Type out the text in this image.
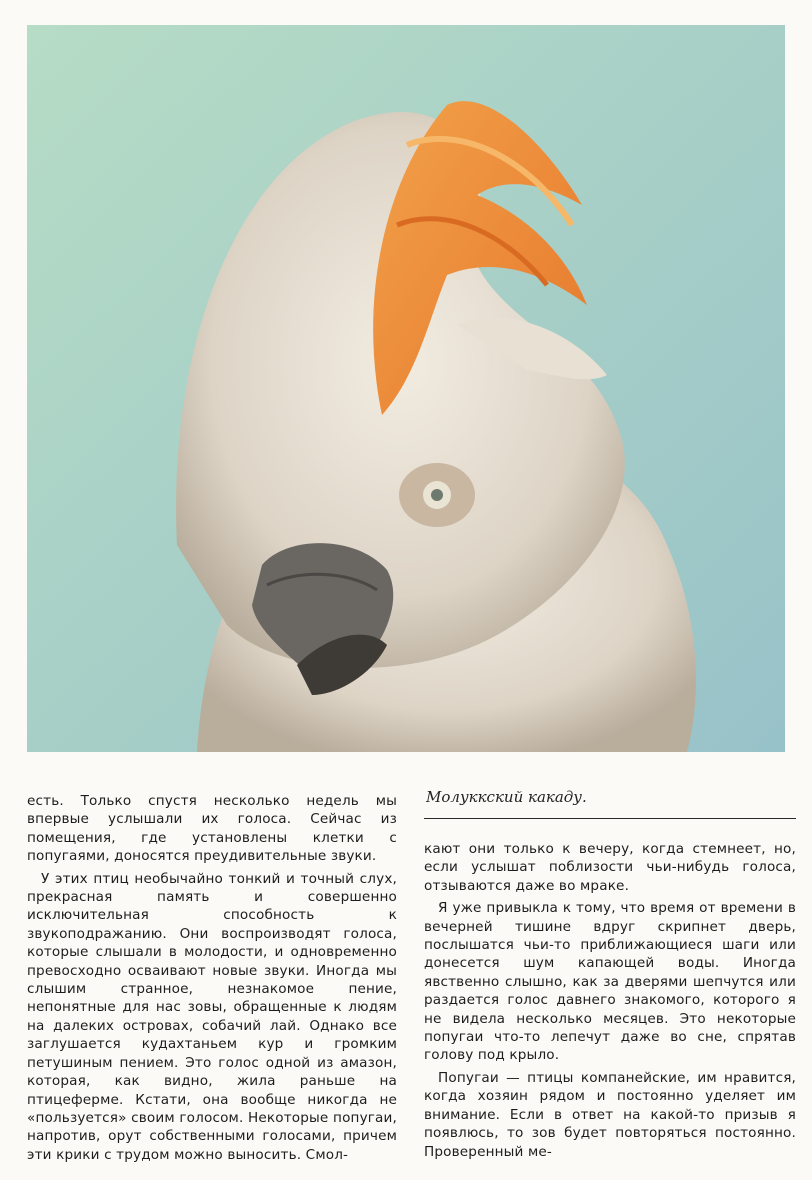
есть. Только спустя несколько недель мы впервые услышали их голоса. Сейчас из помещения, где установлены клетки с попугаями, доносятся преудивительные звуки.

У этих птиц необычайно тонкий и точный слух, прекрасная память и совершенно исключительная способность к звукоподражанию. Они воспроизводят голоса, которые слышали в молодости, и одновременно превосходно осваивают новые звуки. Иногда мы слышим странное, незнакомое пение, непонятные для нас зовы, обращенные к людям на далеких островах, собачий лай. Однако все заглушается кудахтаньем кур и громким петушиным пением. Это голос одной из амазон, которая, как видно, жила раньше на птицеферме. Кстати, она вообще никогда не «пользуется» своим голосом. Некоторые попугаи, напротив, орут собственными голосами, причем эти крики с трудом можно выносить. Смол-

Молуккский какаду.

кают они только к вечеру, когда стемнеет, но, если услышат поблизости чьи-нибудь голоса, отзываются даже во мраке.

Я уже привыкла к тому, что время от времени в вечерней тишине вдруг скрипнет дверь, послышатся чьи-то приближающиеся шаги или донесется шум капающей воды. Иногда явственно слышно, как за дверями шепчутся или раздается голос давнего знакомого, которого я не видела несколько месяцев. Это некоторые попугаи что-то лепечут даже во сне, спрятав голову под крыло.

Попугаи — птицы компанейские, им нравится, когда хозяин рядом и постоянно уделяет им внимание. Если в ответ на какой-то призыв я появлюсь, то зов будет повторяться постоянно. Проверенный ме-
